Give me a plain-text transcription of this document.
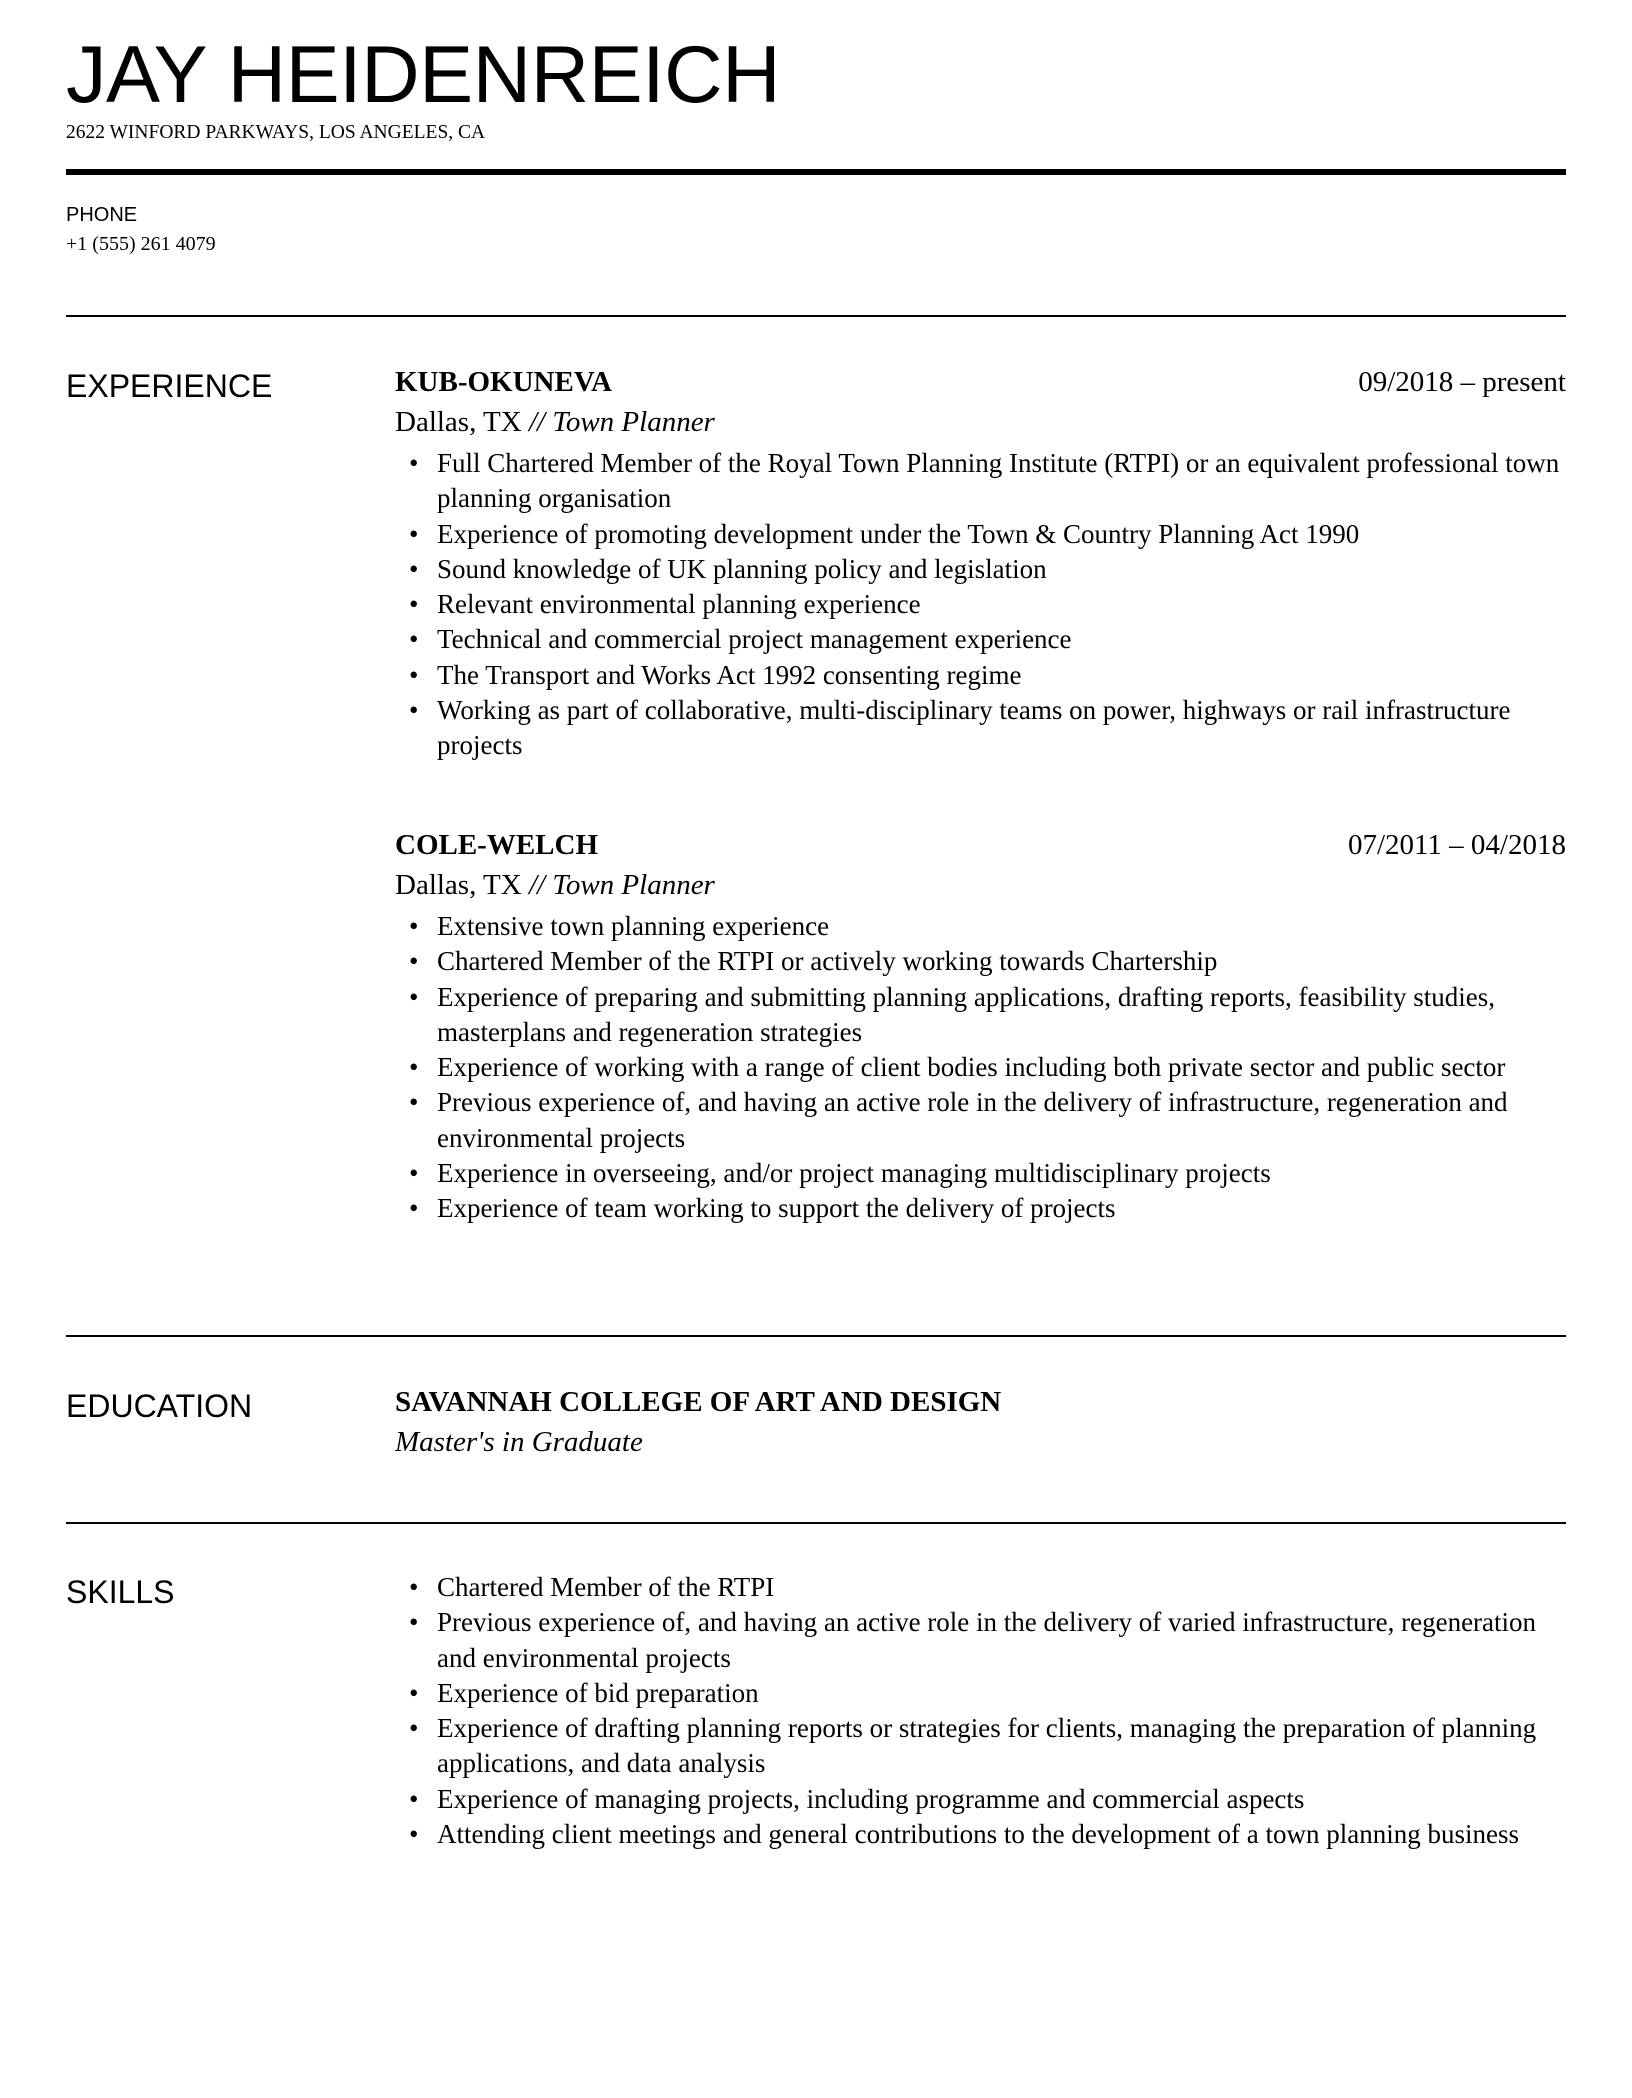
JAY HEIDENREICH
2622 WINFORD PARKWAYS, LOS ANGELES, CA
PHONE
+1 (555) 261 4079
EXPERIENCE	KUB-OKUNEVA	09/2018 – present
Dallas, TX // Town Planner
• Full Chartered Member of the Royal Town Planning Institute (RTPI) or an equivalent professional town planning organisation
• Experience of promoting development under the Town & Country Planning Act 1990
• Sound knowledge of UK planning policy and legislation
• Relevant environmental planning experience
• Technical and commercial project management experience
• The Transport and Works Act 1992 consenting regime
• Working as part of collaborative, multi-disciplinary teams on power, highways or rail infrastructure projects
COLE-WELCH	07/2011 – 04/2018
Dallas, TX // Town Planner
• Extensive town planning experience
• Chartered Member of the RTPI or actively working towards Chartership
• Experience of preparing and submitting planning applications, drafting reports, feasibility studies, masterplans and regeneration strategies
• Experience of working with a range of client bodies including both private sector and public sector
• Previous experience of, and having an active role in the delivery of infrastructure, regeneration and environmental projects
• Experience in overseeing, and/or project managing multidisciplinary projects
• Experience of team working to support the delivery of projects
EDUCATION	SAVANNAH COLLEGE OF ART AND DESIGN
Master's in Graduate
SKILLS
•	Chartered Member of the RTPI
• Previous experience of, and having an active role in the delivery of varied infrastructure, regeneration and environmental projects
• Experience of bid preparation
• Experience of drafting planning reports or strategies for clients, managing the preparation of planning applications, and data analysis
• Experience of managing projects, including programme and commercial aspects
• Attending client meetings and general contributions to the development of a town planning business
